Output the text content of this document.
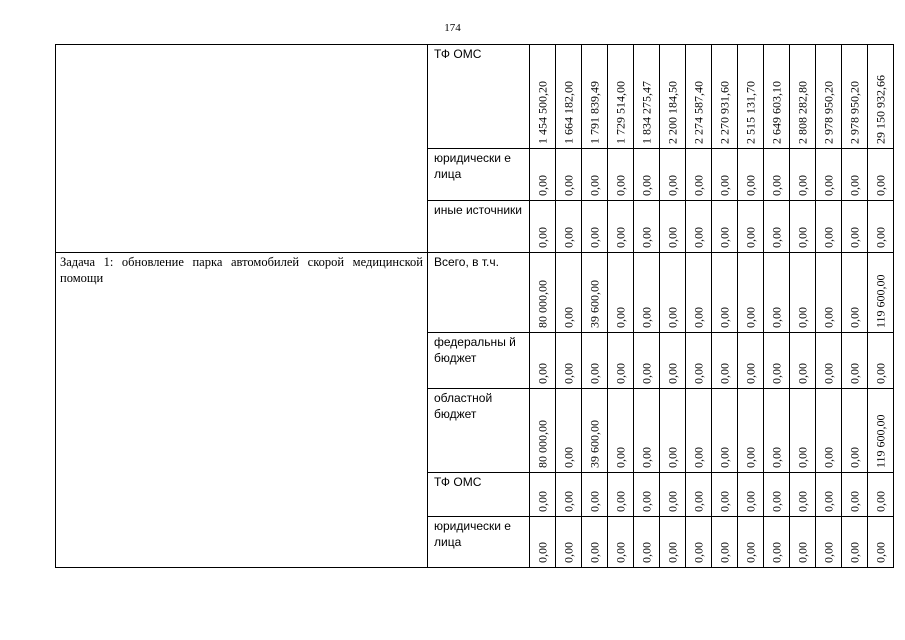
174
	ТФ ОМС	1 454 500,20	1 664 182,00	1 791 839,49	1 729 514,00	1 834 275,47	2 200 184,50	2 274 587,40	2 270 931,60	2 515 131,70	2 649 603,10	2 808 282,80	2 978 950,20	2 978 950,20	29 150 932,66

	юридически е лица	0,00	0,00	0,00	0,00	0,00	0,00	0,00	0,00	0,00	0,00	0,00	0,00	0,00	0,00

	иные источники	0,00	0,00	0,00	0,00	0,00	0,00	0,00	0,00	0,00	0,00	0,00	0,00	0,00	0,00

Задача 1: обновление парка автомобилей скорой медицинской помощи	Всего, в т.ч.	80 000,00	0,00	39 600,00	0,00	0,00	0,00	0,00	0,00	0,00	0,00	0,00	0,00	0,00	119 600,00

	федеральны й бюджет	0,00	0,00	0,00	0,00	0,00	0,00	0,00	0,00	0,00	0,00	0,00	0,00	0,00	0,00

	областной бюджет	80 000,00	0,00	39 600,00	0,00	0,00	0,00	0,00	0,00	0,00	0,00	0,00	0,00	0,00	119 600,00

	ТФ ОМС	0,00	0,00	0,00	0,00	0,00	0,00	0,00	0,00	0,00	0,00	0,00	0,00	0,00	0,00

	юридически е лица	0,00	0,00	0,00	0,00	0,00	0,00	0,00	0,00	0,00	0,00	0,00	0,00	0,00	0,00
